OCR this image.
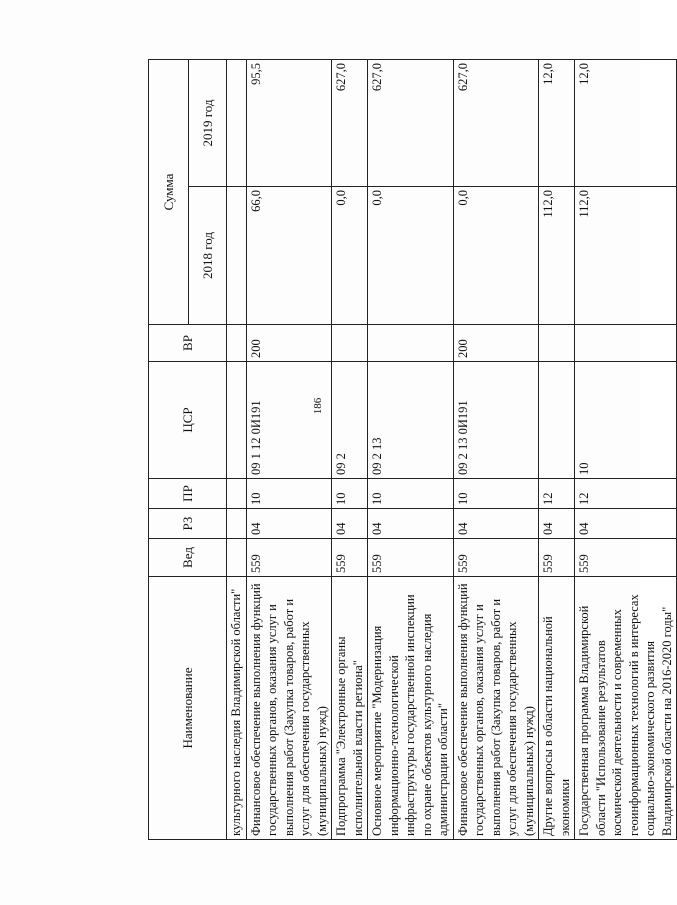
186
Наименование	Вед	РЗ	ПР	ЦСР	ВР	Сумма	
						2018 год	2019 год
культурного наследия Владимирской области"							
Финансовое обеспечение выполнения функций государственных органов, оказания услуг и выполнения работ (Закупка товаров, работ и услуг для обеспечения государственных (муниципальных) нужд)	559	04	10	09 1 12 0И191	200	66,0	95,5
Подпрограмма "Электронные органы исполнительной власти региона"	559	04	10	09 2		0,0	627,0
Основное мероприятие "Модернизация информационно-технологической инфраструктуры государственной инспекции по охране объектов культурного наследия администрации области"	559	04	10	09 2 13		0,0	627,0
Финансовое обеспечение выполнения функций государственных органов, оказания услуг и выполнения работ (Закупка товаров, работ и услуг для обеспечения государственных (муниципальных) нужд)	559	04	10	09 2 13 0И191	200	0,0	627,0
Другие вопросы в области национальной экономики	559	04	12			112,0	12,0
Государственная программа Владимирской области "Использование результатов космической деятельности и современных геоинформационных технологий в интересах социально-экономического развития Владимирской области на 2016-2020 годы"	559	04	12	10		112,0	12,0
